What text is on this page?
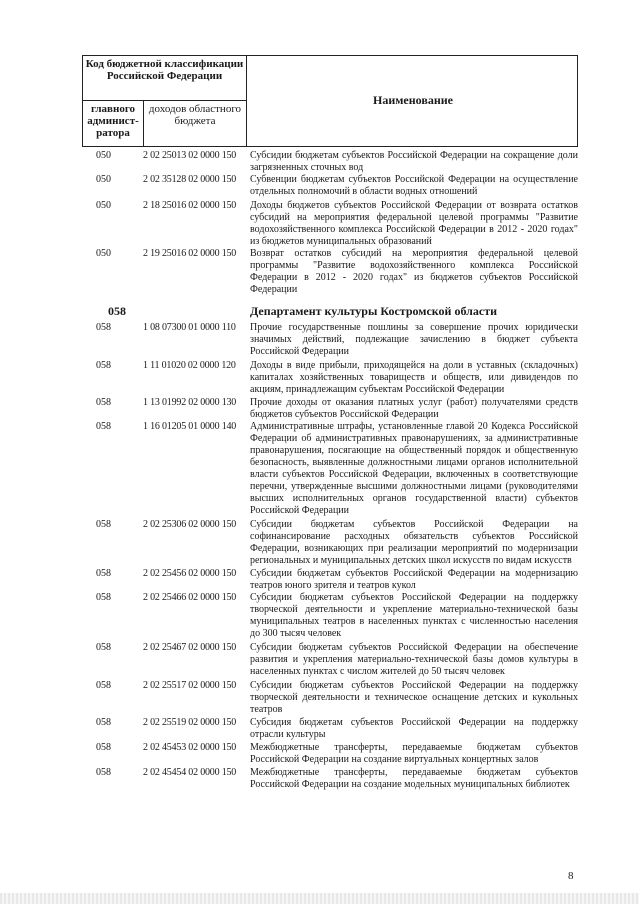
Код бюджетной классификации Российской Федерации
главного админист-ратора
доходов областного бюджета
Наименование
050	2 02 25013 02 0000 150	Субсидии бюджетам субъектов Российской Федерации на сокращение доли загрязненных сточных вод
050	2 02 35128 02 0000 150	Субвенции бюджетам субъектов Российской Федерации на осуществление отдельных полномочий в области водных отношений
050	2 18 25016 02 0000 150	Доходы бюджетов субъектов Российской Федерации от возврата остатков субсидий на мероприятия федеральной целевой программы "Развитие водохозяйственного комплекса Российской Федерации в 2012 - 2020 годах" из бюджетов муниципальных образований
050	2 19 25016 02 0000 150	Возврат остатков субсидий на мероприятия федеральной целевой программы "Развитие водохозяйственного комплекса Российской Федерации в 2012 - 2020 годах" из бюджетов субъектов Российской Федерации
058	Департамент культуры Костромской области
058	1 08 07300 01 0000 110	Прочие государственные пошлины за совершение прочих юридически значимых действий, подлежащие зачислению в бюджет субъекта Российской Федерации
058	1 11 01020 02 0000 120	Доходы в виде прибыли, приходящейся на доли в уставных (складочных) капиталах хозяйственных товариществ и обществ, или дивидендов по акциям, принадлежащим субъектам Российской Федерации
058	1 13 01992 02 0000 130	Прочие доходы от оказания платных услуг (работ) получателями средств бюджетов субъектов Российской Федерации
058	1 16 01205 01 0000 140	Административные штрафы, установленные главой 20 Кодекса Российской Федерации об административных правонарушениях, за административные правонарушения, посягающие на общественный порядок и общественную безопасность, выявленные должностными лицами органов исполнительной власти субъектов Российской Федерации, включенных в соответствующие перечни, утвержденные высшими должностными лицами (руководителями высших исполнительных органов государственной власти) субъектов Российской Федерации
058	2 02 25306 02 0000 150	Субсидии бюджетам субъектов Российской Федерации на софинансирование расходных обязательств субъектов Российской Федерации, возникающих при реализации мероприятий по модернизации региональных и муниципальных детских школ искусств по видам искусств
058	2 02 25456 02 0000 150	Субсидии бюджетам субъектов Российской Федерации на модернизацию театров юного зрителя и театров кукол
058	2 02 25466 02 0000 150	Субсидии бюджетам субъектов Российской Федерации на поддержку творческой деятельности и укрепление материально-технической базы муниципальных театров в населенных пунктах с численностью населения до 300 тысяч человек
058	2 02 25467 02 0000 150	Субсидии бюджетам субъектов Российской Федерации на обеспечение развития и укрепления материально-технической базы домов культуры в населенных пунктах с числом жителей до 50 тысяч человек
058	2 02 25517 02 0000 150	Субсидии бюджетам субъектов Российской Федерации на поддержку творческой деятельности и техническое оснащение детских и кукольных театров
058	2 02 25519 02 0000 150	Субсидия бюджетам субъектов Российской Федерации на поддержку отрасли культуры
058	2 02 45453 02 0000 150	Межбюджетные трансферты, передаваемые бюджетам субъектов Российской Федерации на создание виртуальных концертных залов
058	2 02 45454 02 0000 150	Межбюджетные трансферты, передаваемые бюджетам субъектов Российской Федерации на создание модельных муниципальных библиотек
8
